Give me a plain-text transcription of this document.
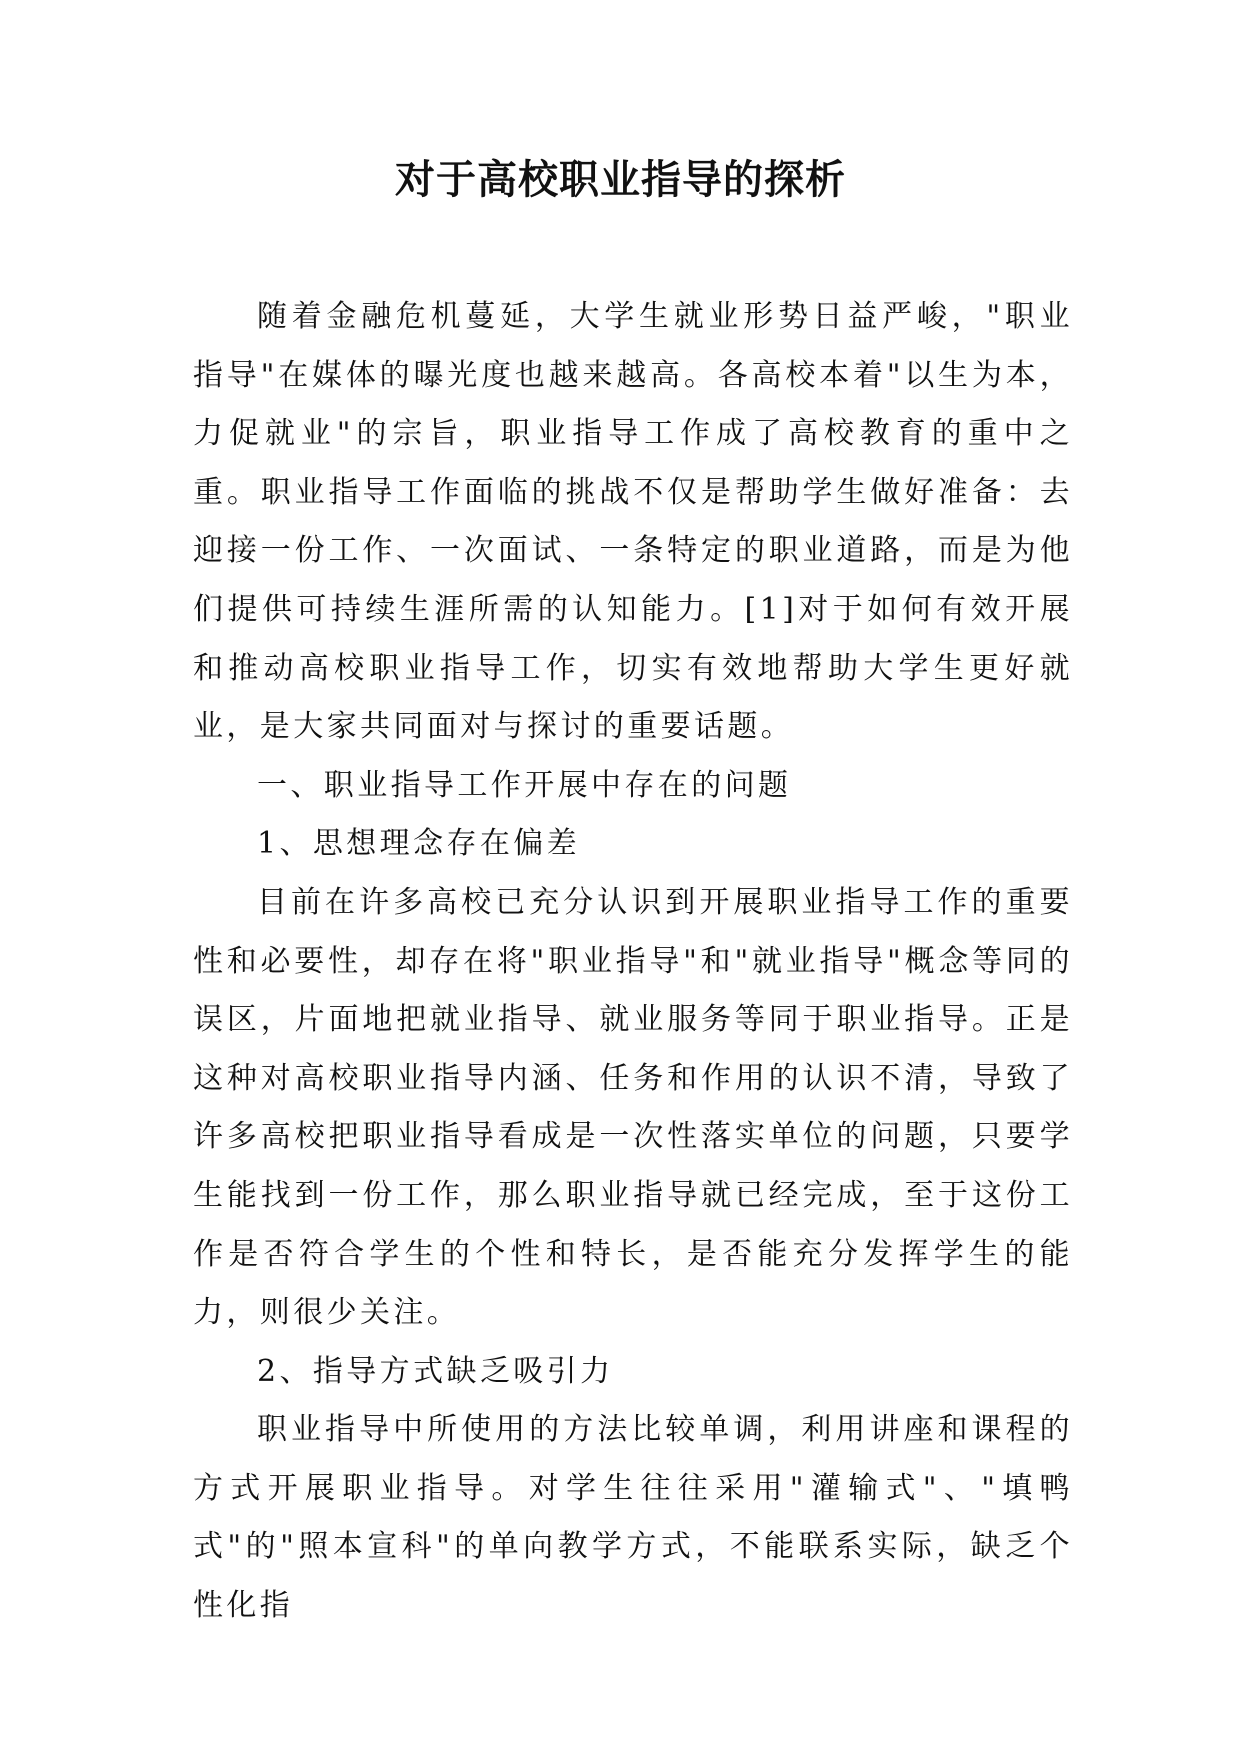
对于高校职业指导的探析

随着金融危机蔓延，大学生就业形势日益严峻，"职业指导"在媒体的曝光度也越来越高。各高校本着"以生为本，力促就业"的宗旨，职业指导工作成了高校教育的重中之重。职业指导工作面临的挑战不仅是帮助学生做好准备：去迎接一份工作、一次面试、一条特定的职业道路，而是为他们提供可持续生涯所需的认知能力。[1]对于如何有效开展和推动高校职业指导工作，切实有效地帮助大学生更好就业，是大家共同面对与探讨的重要话题。

一、职业指导工作开展中存在的问题

1、思想理念存在偏差

目前在许多高校已充分认识到开展职业指导工作的重要性和必要性，却存在将"职业指导"和"就业指导"概念等同的误区，片面地把就业指导、就业服务等同于职业指导。正是这种对高校职业指导内涵、任务和作用的认识不清，导致了许多高校把职业指导看成是一次性落实单位的问题，只要学生能找到一份工作，那么职业指导就已经完成，至于这份工作是否符合学生的个性和特长，是否能充分发挥学生的能力，则很少关注。

2、指导方式缺乏吸引力

职业指导中所使用的方法比较单调，利用讲座和课程的方式开展职业指导。对学生往往采用"灌输式"、"填鸭式"的"照本宣科"的单向教学方式，不能联系实际，缺乏个性化指
